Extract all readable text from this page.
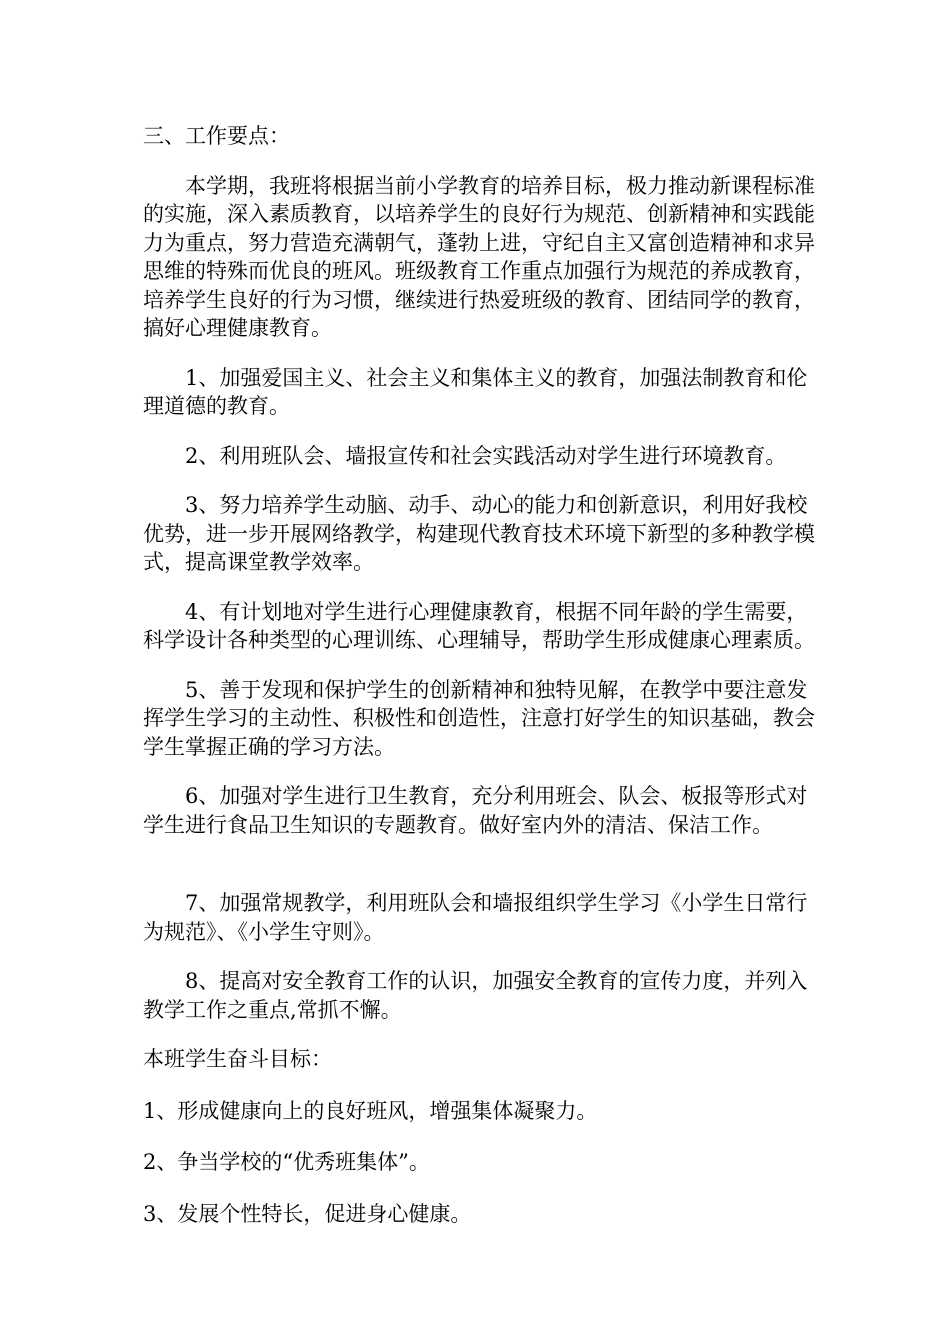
三、工作要点：

本学期，我班将根据当前小学教育的培养目标，极力推动新课程标准的实施，深入素质教育，以培养学生的良好行为规范、创新精神和实践能力为重点，努力营造充满朝气，蓬勃上进，守纪自主又富创造精神和求异思维的特殊而优良的班风。班级教育工作重点加强行为规范的养成教育，培养学生良好的行为习惯，继续进行热爱班级的教育、团结同学的教育，搞好心理健康教育。

1、加强爱国主义、社会主义和集体主义的教育，加强法制教育和伦理道德的教育。

2、利用班队会、墙报宣传和社会实践活动对学生进行环境教育。

3、努力培养学生动脑、动手、动心的能力和创新意识，利用好我校优势，进一步开展网络教学，构建现代教育技术环境下新型的多种教学模式，提高课堂教学效率。

4、有计划地对学生进行心理健康教育，根据不同年龄的学生需要，科学设计各种类型的心理训练、心理辅导，帮助学生形成健康心理素质。

5、善于发现和保护学生的创新精神和独特见解，在教学中要注意发挥学生学习的主动性、积极性和创造性，注意打好学生的知识基础，教会学生掌握正确的学习方法。

6、加强对学生进行卫生教育，充分利用班会、队会、板报等形式对学生进行食品卫生知识的专题教育。做好室内外的清洁、保洁工作。

7、加强常规教学，利用班队会和墙报组织学生学习《小学生日常行为规范》、《小学生守则》。

8、提高对安全教育工作的认识，加强安全教育的宣传力度，并列入教学工作之重点,常抓不懈。

本班学生奋斗目标：

1、形成健康向上的良好班风，增强集体凝聚力。

2、争当学校的“优秀班集体”。

3、发展个性特长，促进身心健康。
